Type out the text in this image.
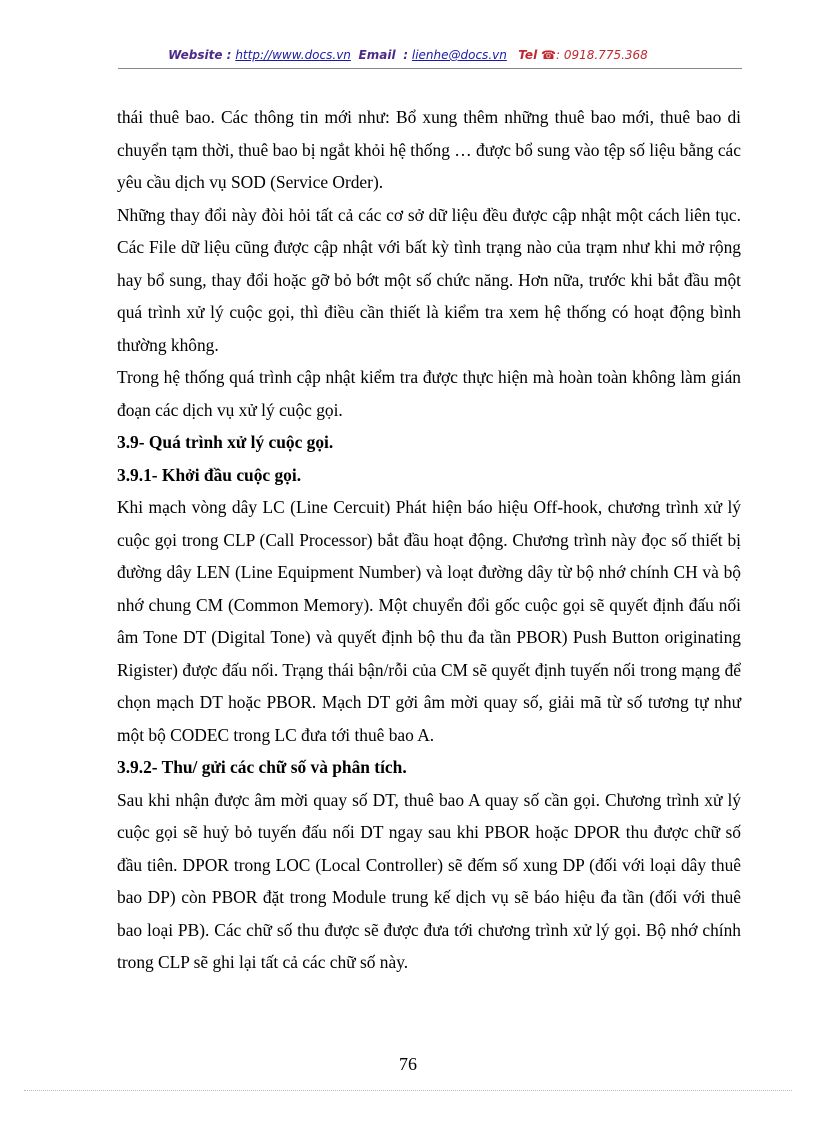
Website : http://www.docs.vn Email : lienhe@docs.vn Tel ☎: 0918.775.368

thái thuê bao. Các thông tin mới như: Bổ xung thêm những thuê bao mới, thuê bao di chuyển tạm thời, thuê bao bị ngắt khỏi hệ thống … được bổ sung vào tệp số liệu bằng các yêu cầu dịch vụ SOD (Service Order).

Những thay đổi này đòi hỏi tất cả các cơ sở dữ liệu đều được cập nhật một cách liên tục. Các File dữ liệu cũng được cập nhật với bất kỳ tình trạng nào của trạm như khi mở rộng hay bổ sung, thay đổi hoặc gỡ bỏ bớt một số chức năng. Hơn nữa, trước khi bắt đầu một quá trình xử lý cuộc gọi, thì điều cần thiết là kiểm tra xem hệ thống có hoạt động bình thường không.

Trong hệ thống quá trình cập nhật kiểm tra được thực hiện mà hoàn toàn không làm gián đoạn các dịch vụ xử lý cuộc gọi.

3.9- Quá trình xử lý cuộc gọi.
3.9.1- Khởi đầu cuộc gọi.

Khi mạch vòng dây LC (Line Cercuit) Phát hiện báo hiệu Off-hook, chương trình xử lý cuộc gọi trong CLP (Call Processor) bắt đầu hoạt động. Chương trình này đọc số thiết bị đường dây LEN (Line Equipment Number) và loạt đường dây từ bộ nhớ chính CH và bộ nhớ chung CM (Common Memory). Một chuyển đổi gốc cuộc gọi sẽ quyết định đấu nối âm Tone DT (Digital Tone) và quyết định bộ thu đa tần PBOR) Push Button originating Rigister) được đấu nối. Trạng thái bận/rỗi của CM sẽ quyết định tuyến nối trong mạng để chọn mạch DT hoặc PBOR. Mạch DT gởi âm mời quay số, giải mã từ số tương tự như một bộ CODEC trong LC đưa tới thuê bao A.

3.9.2- Thu/ gửi các chữ số và phân tích.

Sau khi nhận được âm mời quay số DT, thuê bao A quay số cần gọi. Chương trình xử lý cuộc gọi sẽ huỷ bỏ tuyến đấu nối DT ngay sau khi PBOR hoặc DPOR thu được chữ số đầu tiên. DPOR trong LOC (Local Controller) sẽ đếm số xung DP (đối với loại dây thuê bao DP) còn PBOR đặt trong Module trung kế dịch vụ sẽ báo hiệu đa tần (đối với thuê bao loại PB). Các chữ số thu được sẽ được đưa tới chương trình xử lý gọi. Bộ nhớ chính trong CLP sẽ ghi lại tất cả các chữ số này.

76
